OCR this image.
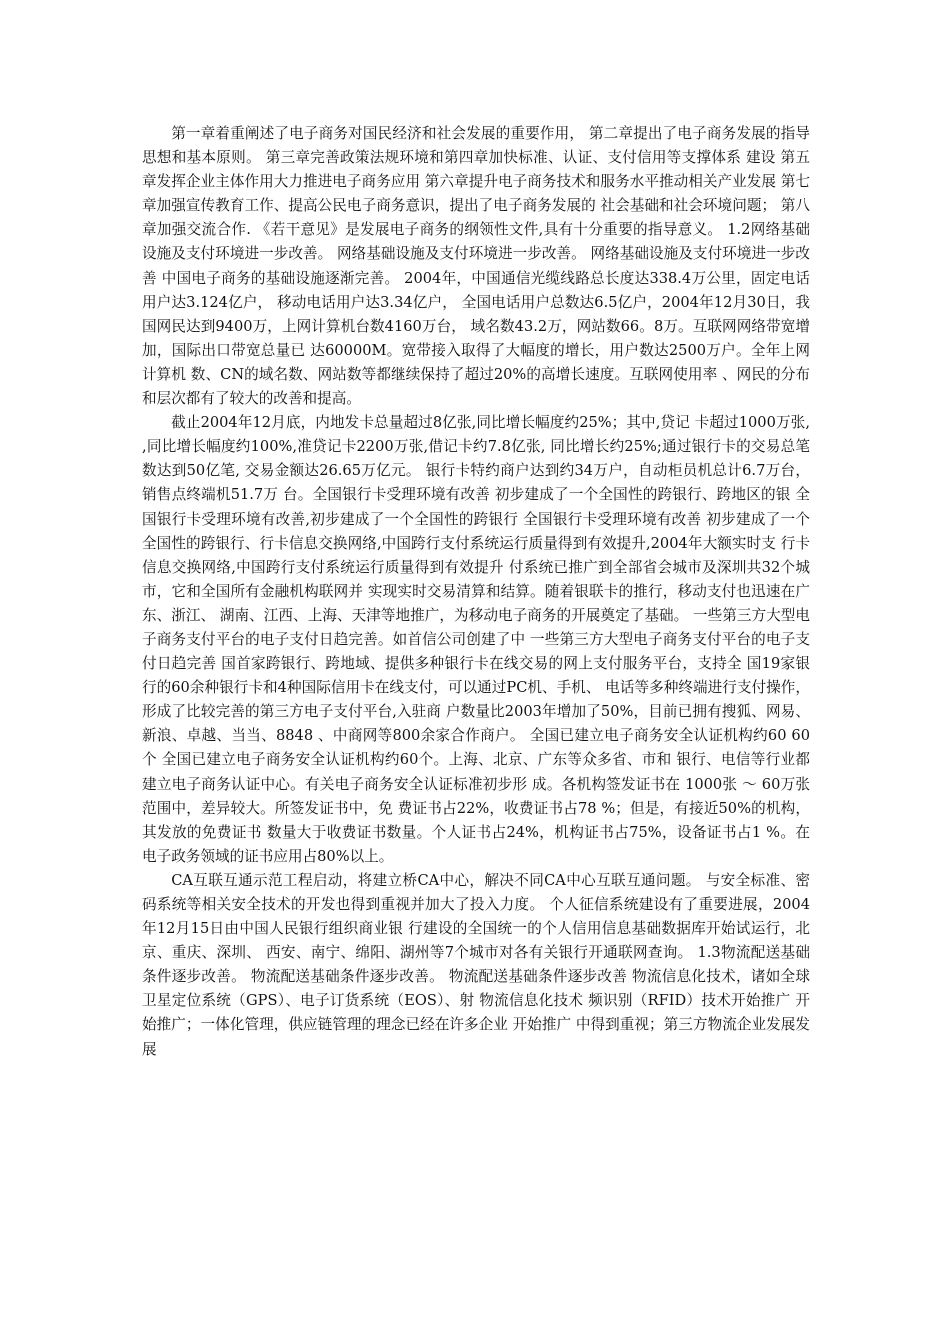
第一章着重阐述了电子商务对国民经济和社会发展的重要作用， 第二章提出了电子商务发展的指导思想和基本原则。 第三章完善政策法规环境和第四章加快标准、认证、支付信用等支撑体系 建设 第五章发挥企业主体作用大力推进电子商务应用 第六章提升电子商务技术和服务水平推动相关产业发展 第七章加强宣传教育工作、提高公民电子商务意识，提出了电子商务发展的 社会基础和社会环境问题； 第八章加强交流合作. 《若干意见》是发展电子商务的纲领性文件,具有十分重要的指导意义。 1.2网络基础设施及支付环境进一步改善。 网络基础设施及支付环境进一步改善。 网络基础设施及支付环境进一步改善 中国电子商务的基础设施逐渐完善。 2004年，中国通信光缆线路总长度达338.4万公里，固定电话用户达3.124亿户， 移动电话用户达3.34亿户， 全国电话用户总数达6.5亿户，2004年12月30日，我国网民达到9400万，上网计算机台数4160万台， 域名数43.2万，网站数66。8万。互联网网络带宽增加，国际出口带宽总量已 达60000M。宽带接入取得了大幅度的增长，用户数达2500万户。全年上网计算机 数、CN的域名数、网站数等都继续保持了超过20%的高增长速度。互联网使用率 、网民的分布和层次都有了较大的改善和提高。

截止2004年12月底，内地发卡总量超过8亿张,同比增长幅度约25%；其中,贷记 卡超过1000万张, ,同比增长幅度约100%,准贷记卡2200万张,借记卡约7.8亿张, 同比增长约25%;通过银行卡的交易总笔数达到50亿笔, 交易金额达26.65万亿元。 银行卡特约商户达到约34万户，自动柜员机总计6.7万台，销售点终端机51.7万 台。全国银行卡受理环境有改善 初步建成了一个全国性的跨银行、跨地区的银 全国银行卡受理环境有改善,初步建成了一个全国性的跨银行 全国银行卡受理环境有改善 初步建成了一个全国性的跨银行、行卡信息交换网络,中国跨行支付系统运行质量得到有效提升,2004年大额实时支 行卡信息交换网络,中国跨行支付系统运行质量得到有效提升 付系统已推广到全部省会城市及深圳共32个城市，它和全国所有金融机构联网并 实现实时交易清算和结算。随着银联卡的推行，移动支付也迅速在广东、浙江、 湖南、江西、上海、天津等地推广，为移动电子商务的开展奠定了基础。 一些第三方大型电子商务支付平台的电子支付日趋完善。如首信公司创建了中 一些第三方大型电子商务支付平台的电子支付日趋完善 国首家跨银行、跨地域、提供多种银行卡在线交易的网上支付服务平台，支持全 国19家银行的60余种银行卡和4种国际信用卡在线支付，可以通过PC机、手机、 电话等多种终端进行支付操作，形成了比较完善的第三方电子支付平台,入驻商 户数量比2003年增加了50%，目前已拥有搜狐、网易、新浪、卓越、当当、8848 、中商网等800余家合作商户。 全国已建立电子商务安全认证机构约60 60个 全国已建立电子商务安全认证机构约60个。上海、北京、广东等众多省、市和 银行、电信等行业都建立电子商务认证中心。有关电子商务安全认证标准初步形 成。各机构签发证书在 1000张 ～ 60万张范围中，差异较大。所签发证书中，免 费证书占22%，收费证书占78 %；但是，有接近50%的机构，其发放的免费证书 数量大于收费证书数量。个人证书占24%，机构证书占75%，设备证书占1 %。在 电子政务领域的证书应用占80%以上。

CA互联互通示范工程启动，将建立桥CA中心，解决不同CA中心互联互通问题。 与安全标准、密码系统等相关安全技术的开发也得到重视并加大了投入力度。 个人征信系统建设有了重要进展，2004年12月15日由中国人民银行组织商业银 行建设的全国统一的个人信用信息基础数据库开始试运行，北京、重庆、深圳、 西安、南宁、绵阳、湖州等7个城市对各有关银行开通联网查询。 1.3物流配送基础条件逐步改善。 物流配送基础条件逐步改善。 物流配送基础条件逐步改善 物流信息化技术，诸如全球卫星定位系统（GPS）、电子订货系统（EOS）、射 物流信息化技术 频识别（RFID）技术开始推广 开始推广；一体化管理，供应链管理的理念已经在许多企业 开始推广 中得到重视；第三方物流企业发展发展
